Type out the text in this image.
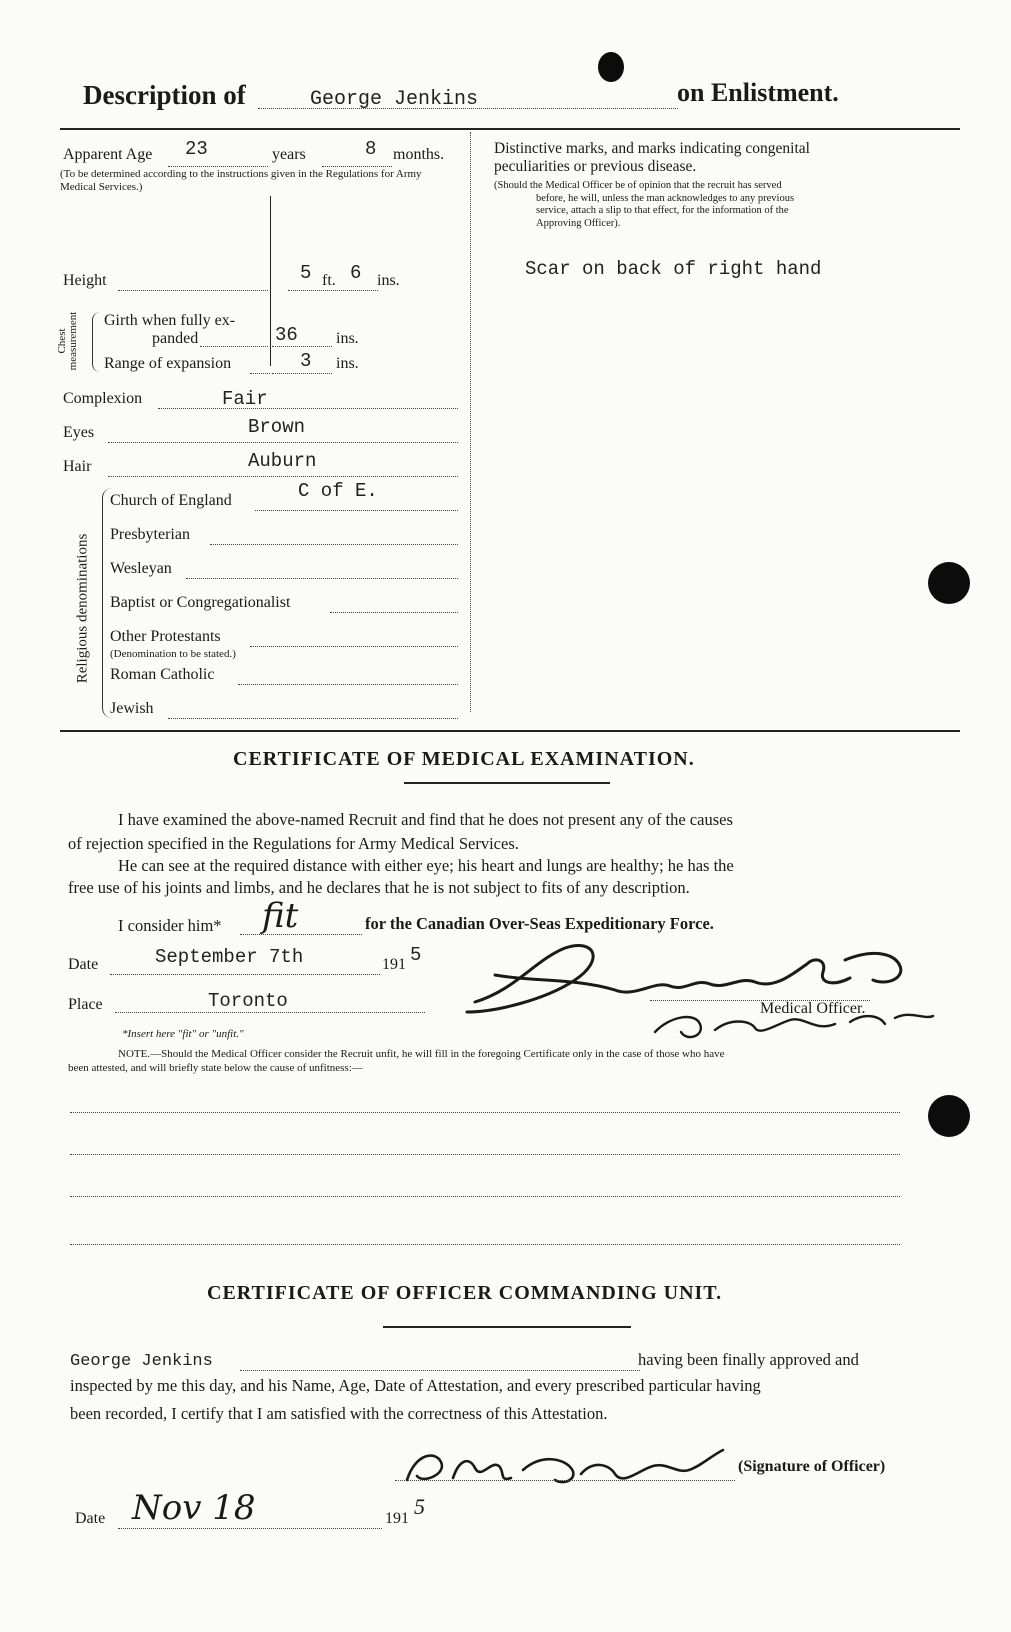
Description of	George Jenkins	on Enlistment.
Apparent Age 23	years	8 months.
(To be determined according to the instructions given in the Regulations for Army Medical Services.)
Height	5 ft. 6 ins.
Chest measurement Girth when fully ex-
panded	36 ins.
Range of expansion	3 ins.
Complexion	Fair
Eyes	Brown
Hair	Auburn
Religious denominations
Church of England	C of E.
Presbyterian
Wesleyan
Baptist or Congregationalist
Other Protestants
(Denomination to be stated.)
Roman Catholic
Jewish
Distinctive marks, and marks indicating congenital
peculiarities or previous disease.
(Should the Medical Officer be of opinion that the recruit has served
before, he will, unless the man acknowledges to any previous
service, attach a slip to that effect, for the information of the
Approving Officer).
Scar on back of right hand
CERTIFICATE OF MEDICAL EXAMINATION.
I have examined the above-named Recruit and find that he does not present any of the causes
of rejection specified in the Regulations for Army Medical Services.
He can see at the required distance with either eye; his heart and lungs are healthy; he has the
free use of his joints and limbs, and he declares that he is not subject to fits of any description.
I consider him* fit	for the Canadian Over-Seas Expeditionary Force.
Date	September 7th	191 5
Place	Toronto	Medical Officer.
*Insert here "fit" or "unfit."
NOTE.—Should the Medical Officer consider the Recruit unfit, he will fill in the foregoing Certificate only in the case of those who have
been attested, and will briefly state below the cause of unfitness:—
CERTIFICATE OF OFFICER COMMANDING UNIT.
George Jenkins	having been finally approved and
inspected by me this day, and his Name, Age, Date of Attestation, and every prescribed particular having
been recorded, I certify that I am satisfied with the correctness of this Attestation.
(Signature of Officer)
Date Nov 18	191 5
